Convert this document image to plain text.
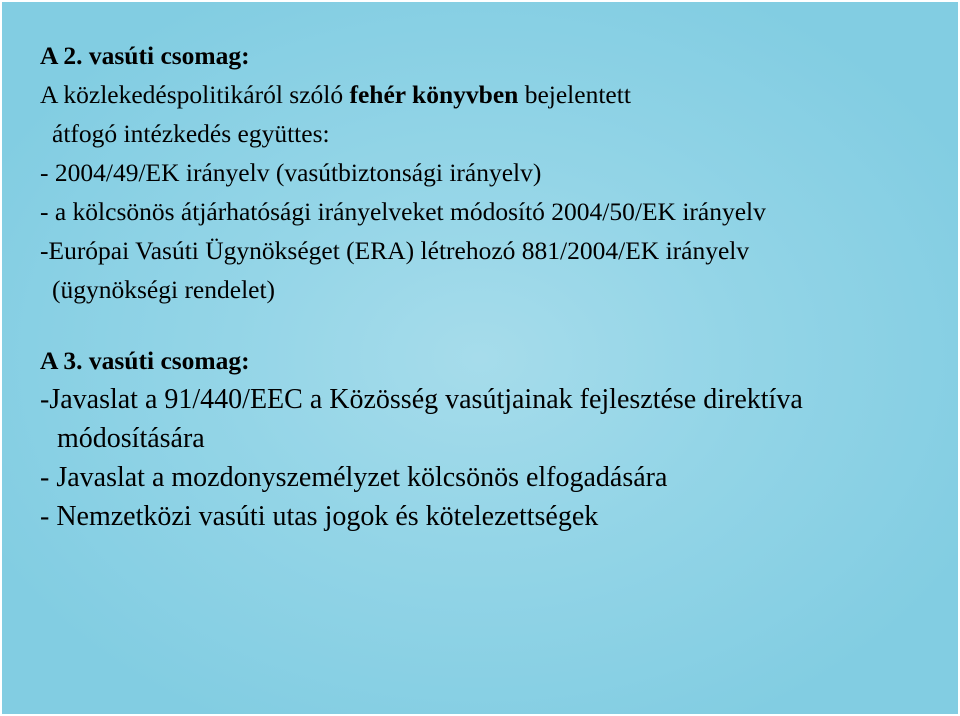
A 2. vasúti csomag:
A közlekedéspolitikáról szóló fehér könyvben bejelentett
átfogó intézkedés együttes:
- 2004/49/EK irányelv (vasútbiztonsági irányelv)
- a kölcsönös átjárhatósági irányelveket módosító 2004/50/EK irányelv
-Európai Vasúti Ügynökséget (ERA) létrehozó 881/2004/EK irányelv
(ügynökségi rendelet)
A 3. vasúti csomag:
-Javaslat a 91/440/EEC a Közösség vasútjainak fejlesztése direktíva
módosítására
- Javaslat a mozdonyszemélyzet kölcsönös elfogadására
- Nemzetközi vasúti utas jogok és kötelezettségek
